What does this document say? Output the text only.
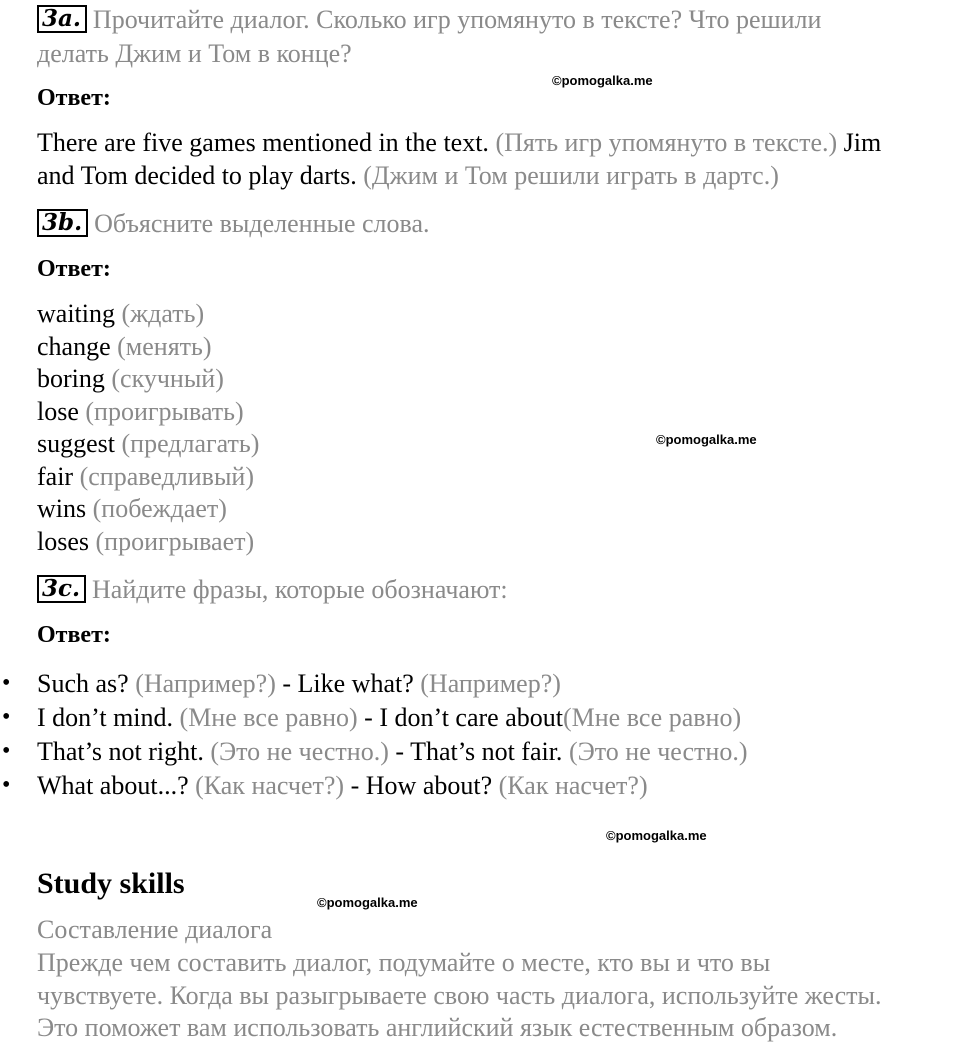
3a. Прочитайте диалог. Сколько игр упомянуто в тексте? Что решили
делать Джим и Том в конце?
©pomogalka.me
Ответ:
There are five games mentioned in the text. (Пять игр упомянуто в тексте.) Jim
and Tom decided to play darts. (Джим и Том решили играть в дартс.)
3b. Объясните выделенные слова.
Ответ:
waiting (ждать)
change (менять)
boring (скучный)
lose (проигрывать)
suggest (предлагать)	©pomogalka.me
fair (справедливый)
wins (побеждает)
loses (проигрывает)
3c. Найдите фразы, которые обозначают:
Ответ:
• Such as? (Например?) - Like what? (Например?)
• I don’t mind. (Мне все равно) - I don’t care about(Мне все равно)
• That’s not right. (Это не честно.) - That’s not fair. (Это не честно.)
• What about...? (Как насчет?) - How about? (Как насчет?)
©pomogalka.me
Study skills
©pomogalka.me
Составление диалога
Прежде чем составить диалог, подумайте о месте, кто вы и что вы
чувствуете. Когда вы разыгрываете свою часть диалога, используйте жесты.
Это поможет вам использовать английский язык естественным образом.
